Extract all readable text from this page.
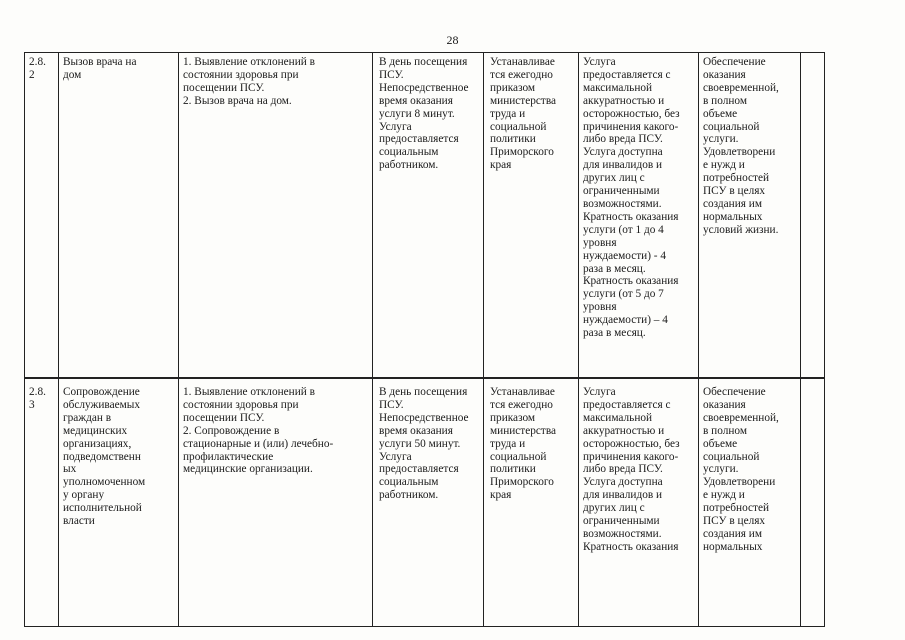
28
2.8.
2
Вызов врача на
дом
1. Выявление отклонений в
состоянии здоровья при
посещении ПСУ.
2. Вызов врача на дом.
В день посещения
ПСУ.
Непосредственное
время оказания
услуги 8 минут.
Услуга
предоставляется
социальным
работником.
Устанавливае
тся ежегодно
приказом
министерства
труда и
социальной
политики
Приморского
края
Услуга
предоставляется с
максимальной
аккуратностью и
осторожностью, без
причинения какого-
либо вреда ПСУ.
Услуга доступна
для инвалидов и
других лиц с
ограниченными
возможностями.
Кратность оказания
услуги (от 1 до 4
уровня
нуждаемости) - 4
раза в месяц.
Кратность оказания
услуги (от 5 до 7
уровня
нуждаемости) – 4
раза в месяц.
Обеспечение
оказания
своевременной,
в полном
объеме
социальной
услуги.
Удовлетворени
е нужд и
потребностей
ПСУ в целях
создания им
нормальных
условий жизни.
2.8.
3
Сопровождение
обслуживаемых
граждан в
медицинских
организациях,
подведомственн
ых
уполномоченном
у органу
исполнительной
власти
1. Выявление отклонений в
состоянии здоровья при
посещении ПСУ.
2. Сопровождение в
стационарные и (или) лечебно-
профилактические
медицинские организации.
В день посещения
ПСУ.
Непосредственное
время оказания
услуги 50 минут.
Услуга
предоставляется
социальным
работником.
Устанавливае
тся ежегодно
приказом
министерства
труда и
социальной
политики
Приморского
края
Услуга
предоставляется с
максимальной
аккуратностью и
осторожностью, без
причинения какого-
либо вреда ПСУ.
Услуга доступна
для инвалидов и
других лиц с
ограниченными
возможностями.
Кратность оказания
Обеспечение
оказания
своевременной,
в полном
объеме
социальной
услуги.
Удовлетворени
е нужд и
потребностей
ПСУ в целях
создания им
нормальных
